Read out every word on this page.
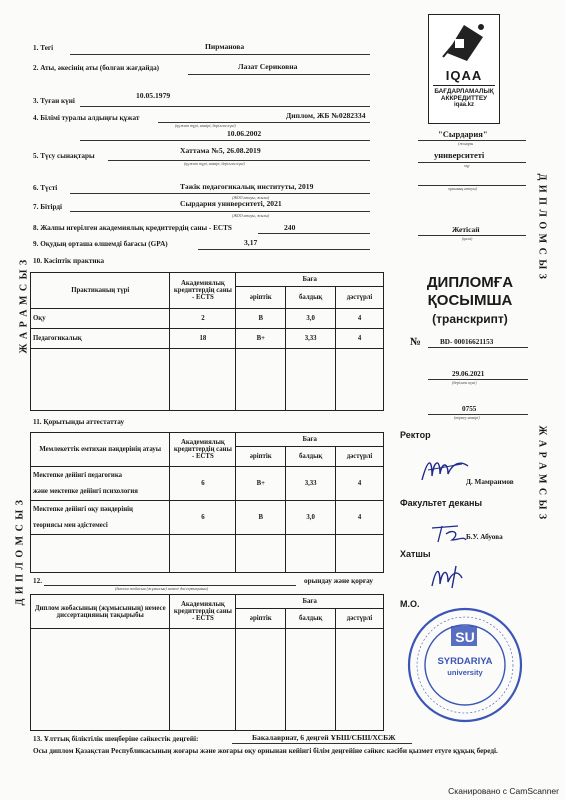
Ж А Р А М С Ы З
Д И П Л О М С Ы З
Д И П Л О М С Ы З
Ж А Р А М С Ы З
1. Тегі	Пирманова
2. Аты, әкесінің аты (болған жағдайда)	Лазат Сериковна
3. Туған күні
10.05.1979
4. Білімі туралы алдыңғы құжат	Диплом, ЖБ №0282334
(құжат түрі, нөмірі, берілген күні)
10.06.2002
5. Түсу сынақтары
Хаттама №5, 26.08.2019
(құжат түрі, нөмірі, берілген күні)
6. Түсті	Тәжік педагогикалық институты, 2019
(ЖОО атауы, жылы)
7. Бітірді	Сырдария университеті, 2021
(ЖОО атауы, жылы)
8. Жалпы игерілген академиялық кредиттердің саны - ECTS	240
9. Оқудың орташа өлшемді бағасы (GPA)	3,17
10. Кәсіптік практика
Практиканың түрі	Академиялық кредиттердің саны - ECTS	Баға		
		әріптік	балдық	дәстүрлі
Оқу	2	B	3,0	4
Педагогикалық	18	B+	3,33	4

11. Қорытынды аттестаттау
Мемлекеттік емтихан пәндерінің атауы	Академиялық кредиттердің саны - ECTS	Баға		
		әріптік	балдық	дәстүрлі

Мектепке дейінгі педагогика
және мектепке дейінгі психология	6	B+	3,33	4

Мектепке дейінгі оқу пәндерінің
теориясы мен әдістемесі	6	B	3,0	4

12.
(диплом жобасын (жұмысын) немесе диссертацияны)
орындау және қорғау
Диплом жобасының (жұмысының) немесе диссертацияның тақырыбы	Академиялық кредиттердің саны - ECTS	Баға		
		әріптік	балдық	дәстүрлі

13. Ұлттық біліктілік шеңберіне сәйкестік деңгейі:	Бакалавриат, 6 деңгей ҰБШ/СБШ/ХСБЖ
Осы диплом Қазақстан Республикасының жоғары және жоғары оқу орнынан кейінгі білім деңгейіне сәйкес кәсіби қызмет етуге құқық береді.
IQAA
БАҒДАРЛАМАЛЫҚ
АККРЕДИТТЕУ
iqaa.kz
"Сырдария"
(жоғары
университеті
оқу
орнының атауы)
Жетісай
(қала)
ДИПЛОМҒА
ҚОСЫМША
(транскрипт)
№	BD- 00016621153
29.06.2021
(берілген күні)
0755
(тіркеу нөмірі)
Ректор
Д. Мамрaимов
Факультет деканы
Б.У. Абуова
Хатшы
М.О.
SU
SYRDARIYA
university
Сканировано с CamScanner
